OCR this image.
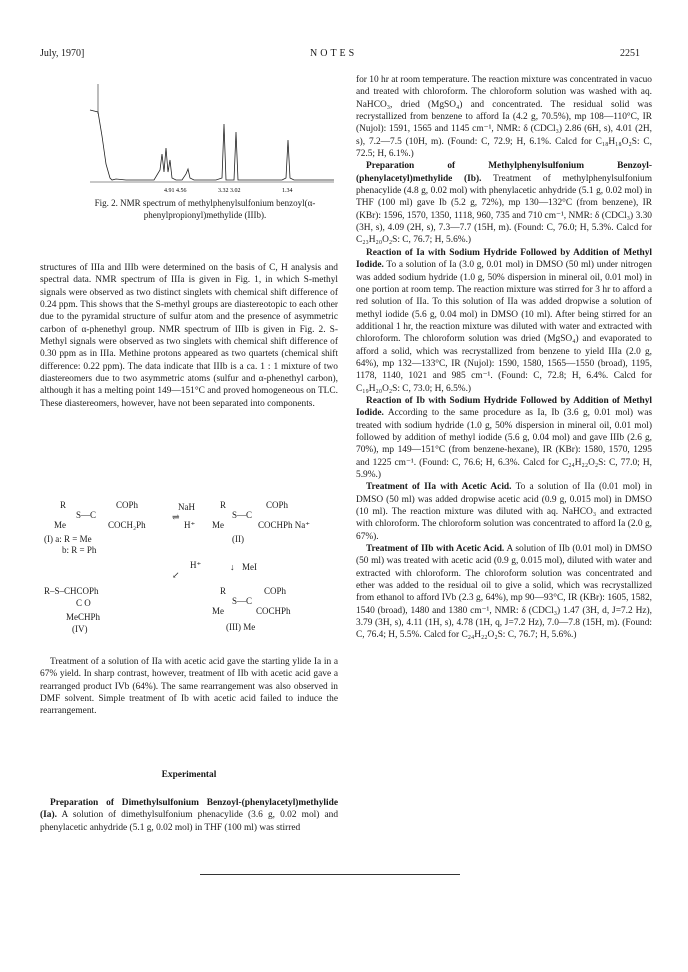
July, 1970]	NOTES	2251
4.91 4.56	3.32 3.02	1.34
Fig. 2. NMR spectrum of methylphenylsulfonium benzoyl(α-phenylpropionyl)methylide (IIIb).

structures of IIIa and IIIb were determined on the basis of C, H analysis and spectral data. NMR spectrum of IIIa is given in Fig. 1, in which S-methyl signals were observed as two distinct singlets with chemical shift difference of 0.24 ppm. This shows that the S-methyl groups are diastereotopic to each other due to the pyramidal structure of sulfur atom and the presence of asymmetric carbon of α-phenethyl group. NMR spectrum of IIIb is given in Fig. 2. S-Methyl signals were observed as two singlets with chemical shift difference of 0.30 ppm as in IIIa. Methine protons appeared as two quartets (chemical shift difference: 0.22 ppm). The data indicate that IIIb is a ca. 1 : 1 mixture of two diastereomers due to two asymmetric atoms (sulfur and α-phenethyl carbon), although it has a melting point 149—151°C and proved homogeneous on TLC. These diastereomers, however, have not been separated into components.

R	COPh
S—C
Me	COCH₂Ph
(I) a: R = Me
b: R = Ph
NaH
⇌
H⁺
R	COPh
S—C
Me	COCHPh Na⁺
(II)
H⁺
↙
↓ MeI
R–S–CHCOPh
C O
MeCHPh
(IV)
R	COPh
S—C
Me	COCHPh
(III) Me

Treatment of a solution of IIa with acetic acid gave the starting ylide Ia in a 67% yield. In sharp contrast, however, treatment of IIb with acetic acid gave a rearranged product IVb (64%). The same rearrangement was also observed in DMF solvent. Simple treatment of Ib with acetic acid failed to induce the rearrangement.

Experimental

Preparation of Dimethylsulfonium Benzoyl-(phenylacetyl)methylide (Ia). A solution of dimethylsulfonium phenacylide (3.6 g, 0.02 mol) and phenylacetic anhydride (5.1 g, 0.02 mol) in THF (100 ml) was stirred

for 10 hr at room temperature. The reaction mixture was concentrated in vacuo and treated with chloroform. The chloroform solution was washed with aq. NaHCO₃, dried (MgSO₄) and concentrated. The residual solid was recrystallized from benzene to afford Ia (4.2 g, 70.5%), mp 108—110°C, IR (Nujol): 1591, 1565 and 1145 cm⁻¹, NMR: δ (CDCl₃) 2.86 (6H, s), 4.01 (2H, s), 7.2—7.5 (10H, m). (Found: C, 72.9; H, 6.1%. Calcd for C₁₈H₁₈O₂S: C, 72.5; H, 6.1%.)

Preparation of Methylphenylsulfonium Benzoyl-(phenylacetyl)methylide (Ib). Treatment of methylphenylsulfonium phenacylide (4.8 g, 0.02 mol) with phenylacetic anhydride (5.1 g, 0.02 mol) in THF (100 ml) gave Ib (5.2 g, 72%), mp 130—132°C (from benzene), IR (KBr): 1596, 1570, 1350, 1118, 960, 735 and 710 cm⁻¹, NMR: δ (CDCl₃) 3.30 (3H, s), 4.09 (2H, s), 7.3—7.7 (15H, m). (Found: C, 76.0; H, 5.3%. Calcd for C₂₃H₂₀O₂S: C, 76.7; H, 5.6%.)

Reaction of Ia with Sodium Hydride Followed by Addition of Methyl Iodide. To a solution of Ia (3.0 g, 0.01 mol) in DMSO (50 ml) under nitrogen was added sodium hydride (1.0 g, 50% dispersion in mineral oil, 0.01 mol) in one portion at room temp. The reaction mixture was stirred for 3 hr to afford a red solution of IIa. To this solution of IIa was added dropwise a solution of methyl iodide (5.6 g, 0.04 mol) in DMSO (10 ml). After being stirred for an additional 1 hr, the reaction mixture was diluted with water and extracted with chloroform. The chloroform solution was dried (MgSO₄) and evaporated to afford a solid, which was recrystallized from benzene to yield IIIa (2.0 g, 64%), mp 132—133°C, IR (Nujol): 1590, 1580, 1565—1550 (broad), 1195, 1178, 1140, 1021 and 985 cm⁻¹. (Found: C, 72.8; H, 6.4%. Calcd for C₁₉H₂₀O₂S: C, 73.0; H, 6.5%.)

Reaction of Ib with Sodium Hydride Followed by Addition of Methyl Iodide. According to the same procedure as Ia, Ib (3.6 g, 0.01 mol) was treated with sodium hydride (1.0 g, 50% dispersion in mineral oil, 0.01 mol) followed by addition of methyl iodide (5.6 g, 0.04 mol) and gave IIIb (2.6 g, 70%), mp 149—151°C (from benzene-hexane), IR (KBr): 1580, 1570, 1295 and 1225 cm⁻¹. (Found: C, 76.6; H, 6.3%. Calcd for C₂₄H₂₂O₂S: C, 77.0; H, 5.9%.)

Treatment of IIa with Acetic Acid. To a solution of IIa (0.01 mol) in DMSO (50 ml) was added dropwise acetic acid (0.9 g, 0.015 mol) in DMSO (10 ml). The reaction mixture was diluted with aq. NaHCO₃ and extracted with chloroform. The chloroform solution was concentrated to afford Ia (2.0 g, 67%).

Treatment of IIb with Acetic Acid. A solution of IIb (0.01 mol) in DMSO (50 ml) was treated with acetic acid (0.9 g, 0.015 mol), diluted with water and extracted with chloroform. The chloroform solution was concentrated and ether was added to the residual oil to give a solid, which was recrystallized from ethanol to afford IVb (2.3 g, 64%), mp 90—93°C, IR (KBr): 1605, 1582, 1540 (broad), 1480 and 1380 cm⁻¹, NMR: δ (CDCl₃) 1.47 (3H, d, J=7.2 Hz), 3.79 (3H, s), 4.11 (1H, s), 4.78 (1H, q, J=7.2 Hz), 7.0—7.8 (15H, m). (Found: C, 76.4; H, 5.5%. Calcd for C₂₄H₂₂O₂S: C, 76.7; H, 5.6%.)
